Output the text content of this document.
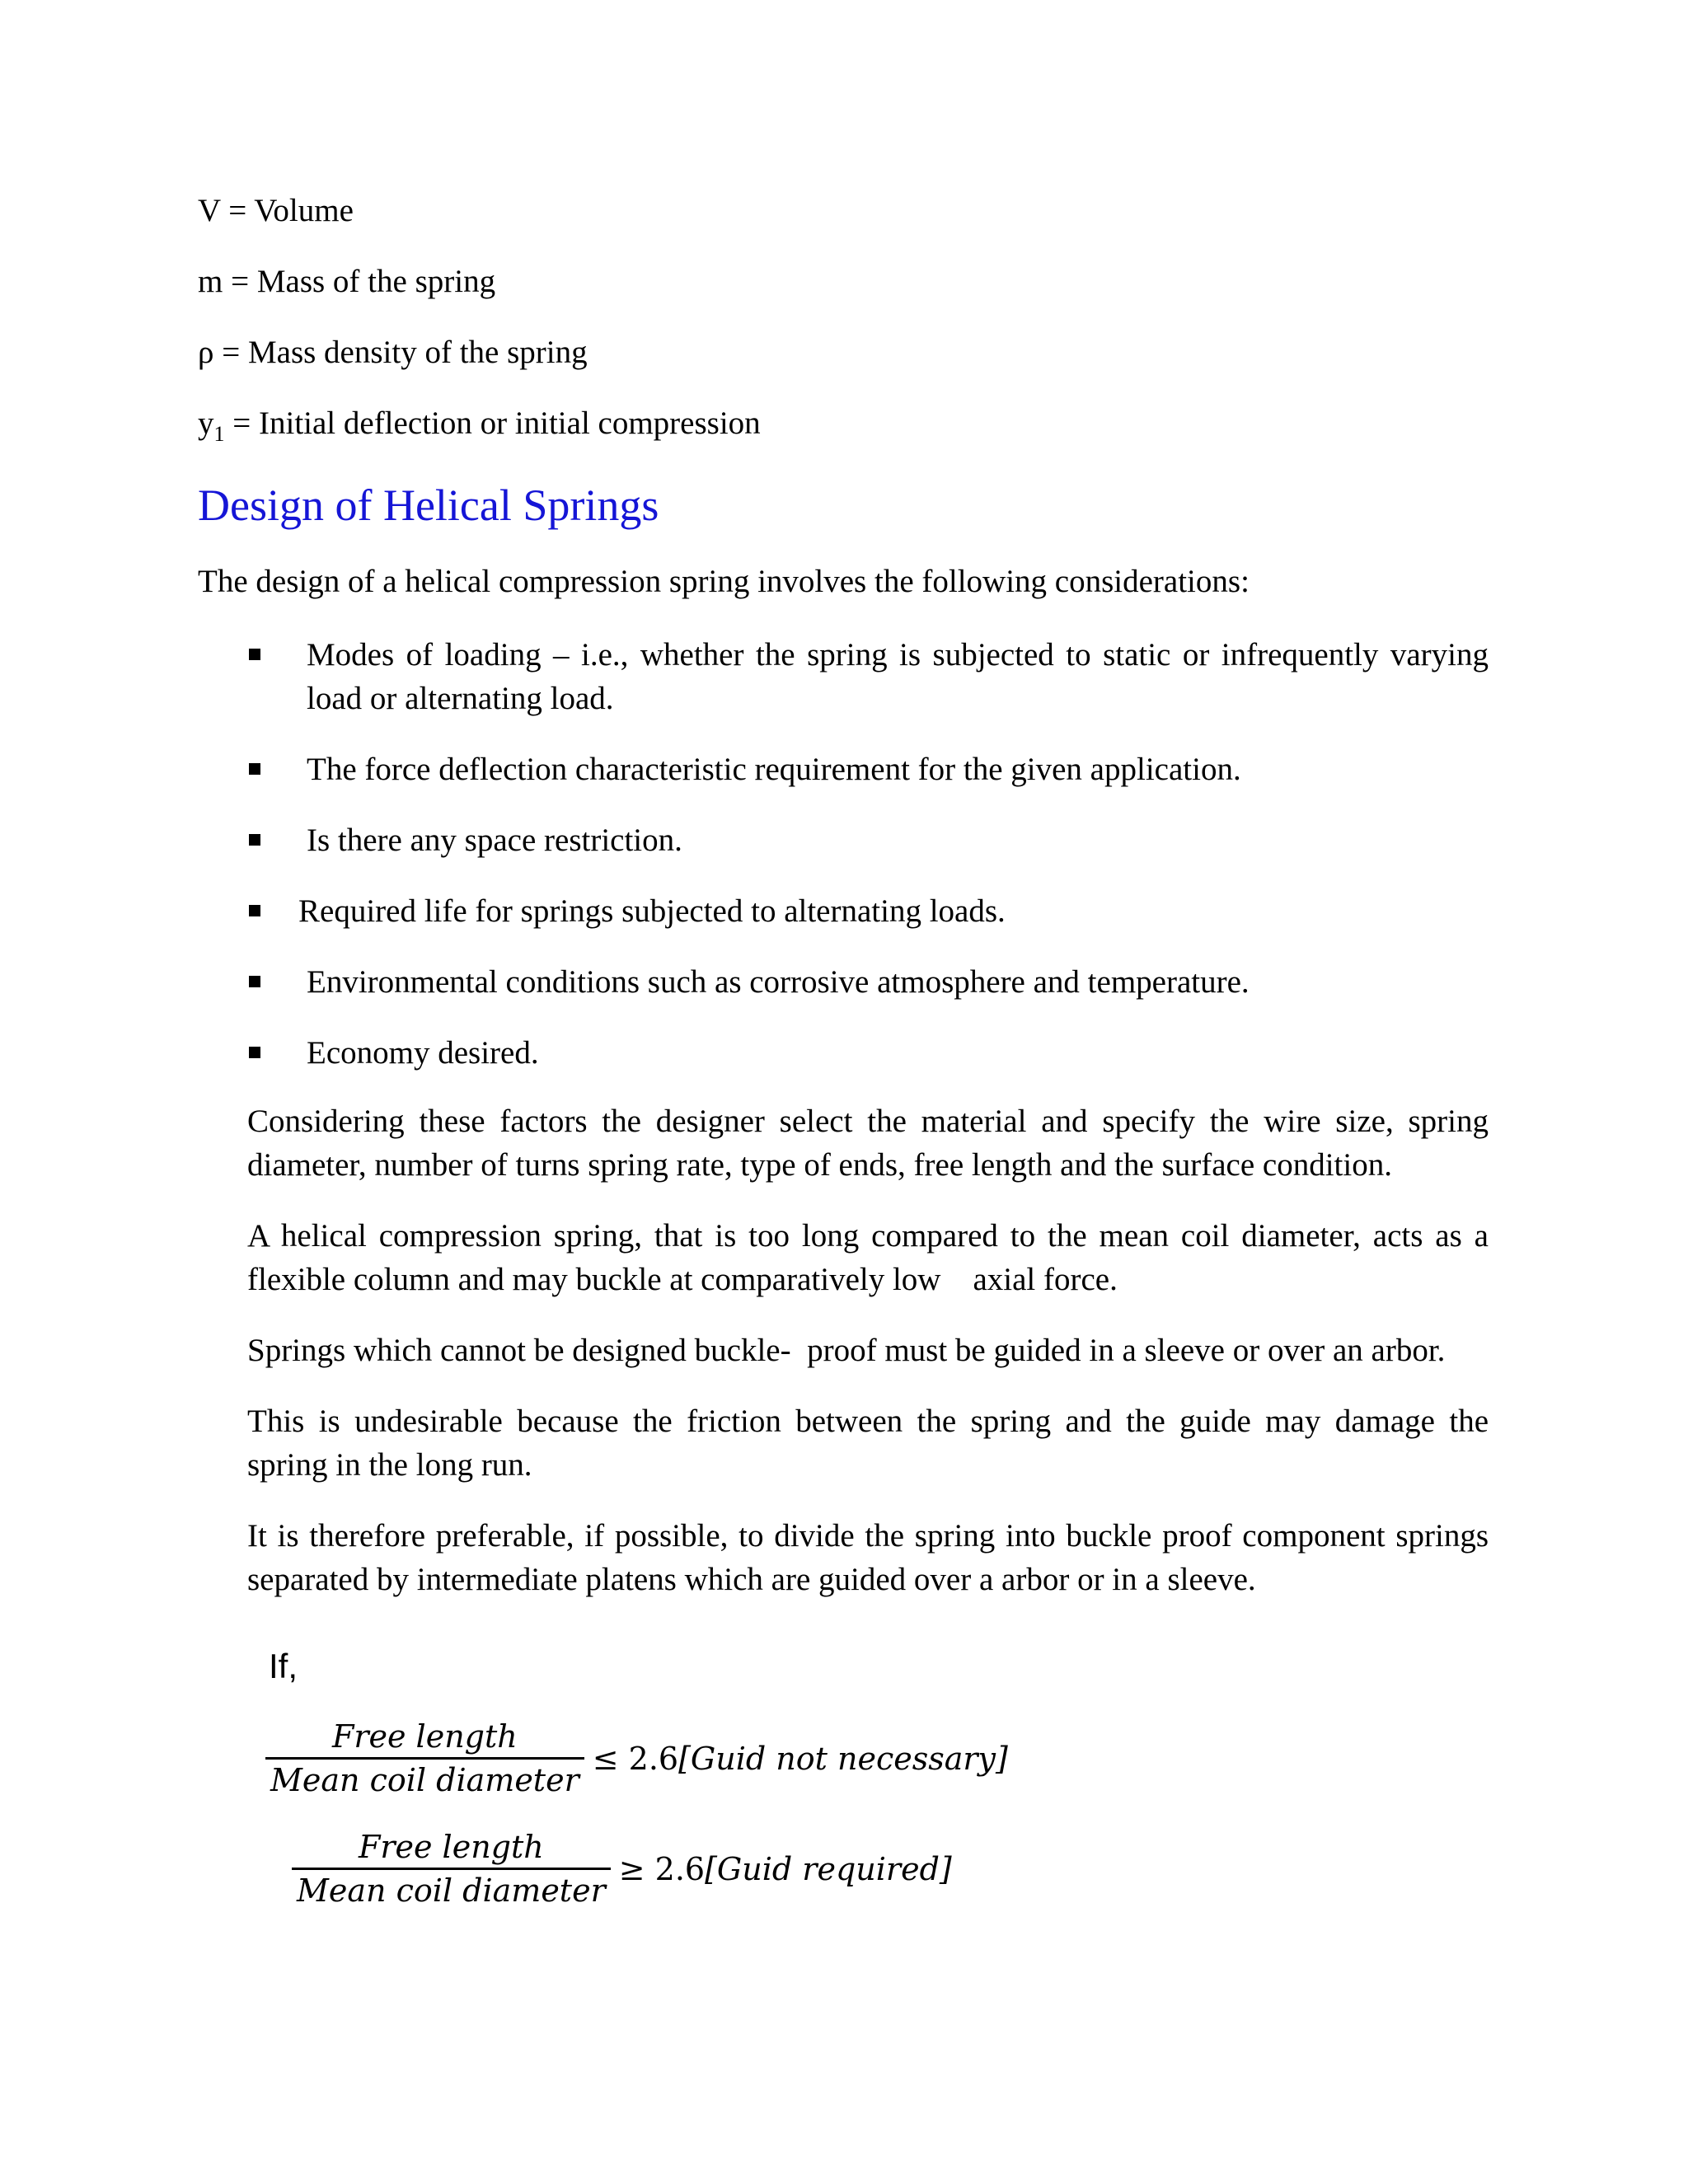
V = Volume
m = Mass of the spring
ρ = Mass density of the spring
$y_1$ = Initial deflection or initial compression
Design of Helical Springs
The design of a helical compression spring involves the following considerations:
Modes of loading – i.e., whether the spring is subjected to static or infrequently varying load or alternating load.
The force deflection characteristic requirement for the given application.
Is there any space restriction.
Required life for springs subjected to alternating loads.
Environmental conditions such as corrosive atmosphere and temperature.
Economy desired.

Considering these factors the designer select the material and specify the wire size, spring diameter, number of turns spring rate, type of ends, free length and the surface condition.

A helical compression spring, that is too long compared to the mean coil diameter, acts as a flexible column and may buckle at comparatively low    axial force.

Springs which cannot be designed buckle-  proof must be guided in a sleeve or over an arbor.

This is undesirable because the friction between the spring and the guide may damage the spring in the long run.

It is therefore preferable, if possible, to divide the spring into buckle proof component springs separated by intermediate platens which are guided over a arbor or in a sleeve.

If,
$\frac{\text{Free length}}{\text{Mean coil diameter}}$ ≤ 2.6[Guid not necessary]
$\frac{\text{Free length}}{\text{Mean coil diameter}}$ ≥ 2.6[Guid required]
